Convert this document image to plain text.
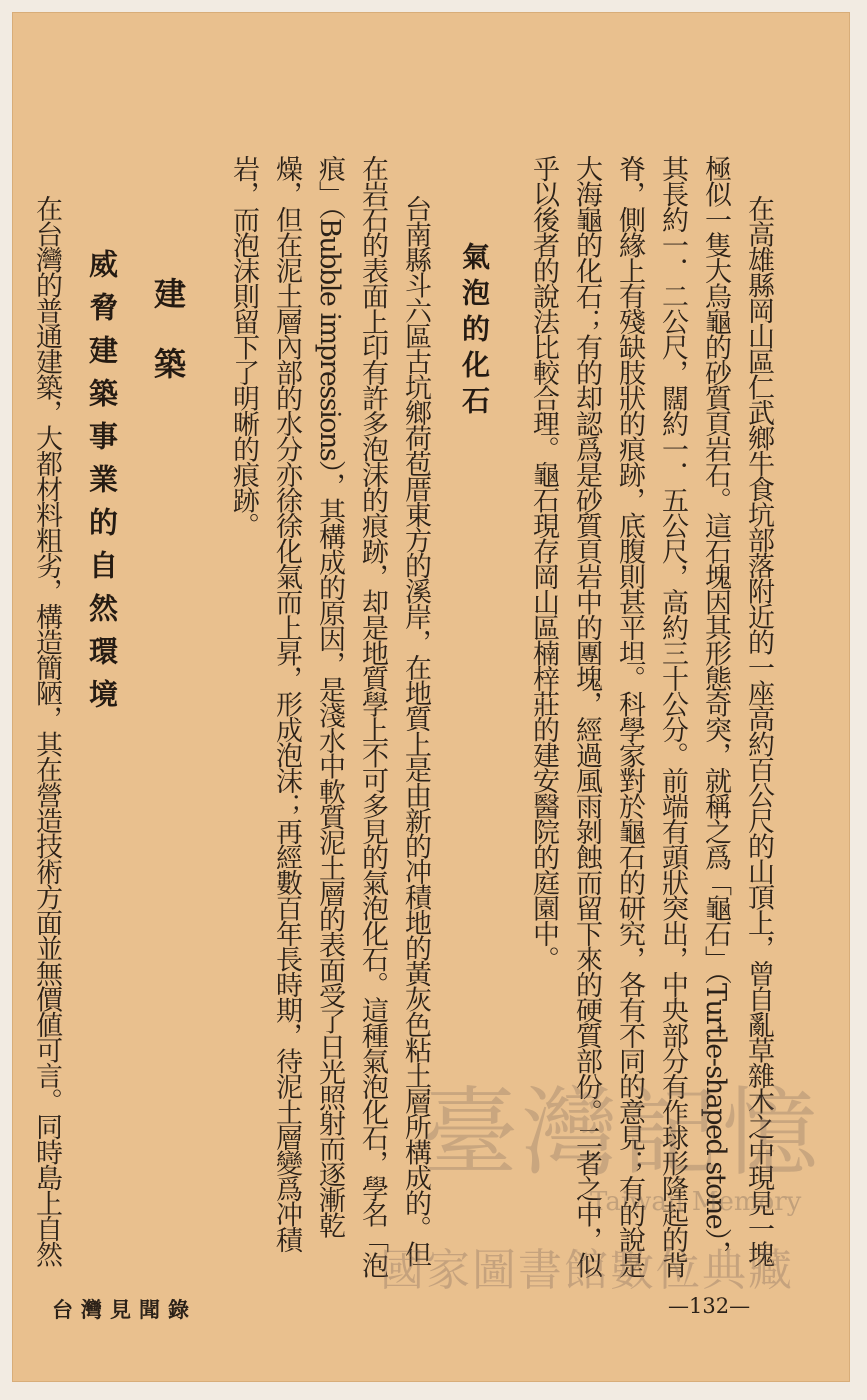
在高雄縣岡山區仁武鄉牛食坑部落附近的一座高約百公尺的山頂上，曾自亂草雜木之中現見一塊
極似一隻大烏龜的砂質頁岩石。這石塊因其形態奇突，就稱之爲「龜石」（Turtle-shaped stone），
其長約一．二公尺，闊約一．五公尺，高約三十公分。前端有頭狀突出，中央部分有作球形隆起的背
脊，側緣上有殘缺肢狀的痕跡，底腹則甚平坦。科學家對於龜石的研究，各有不同的意見；有的說是
大海龜的化石；有的却認爲是砂質頁岩中的團塊，經過風雨剝蝕而留下來的硬質部份。二者之中，似
乎以後者的說法比較合理。龜石現存岡山區楠梓莊的建安醫院的庭園中。
氣泡的化石
台南縣斗六區古坑鄉荷苞厝東方的溪岸，在地質上是由新的冲積地的黃灰色粘土層所構成的。但
在岩石的表面上印有許多泡沫的痕跡，却是地質學上不可多見的氣泡化石。這種氣泡化石，學名「泡
痕」（Bubble impressions），其構成的原因，是淺水中軟質泥土層的表面受了日光照射而逐漸乾
燥，但在泥土層內部的水分亦徐徐化氣而上昇，形成泡沫；再經數百年長時期，待泥土層變爲冲積
岩，而泡沫則留下了明晰的痕跡。
建築
威脅建築事業的自然環境
在台灣的普通建築，大都材料粗劣，構造簡陋，其在營造技術方面並無價値可言。同時島上自然	臺灣記憶
Taiwan Memory
國家圖書館數位典藏
台灣見聞錄	—132—
